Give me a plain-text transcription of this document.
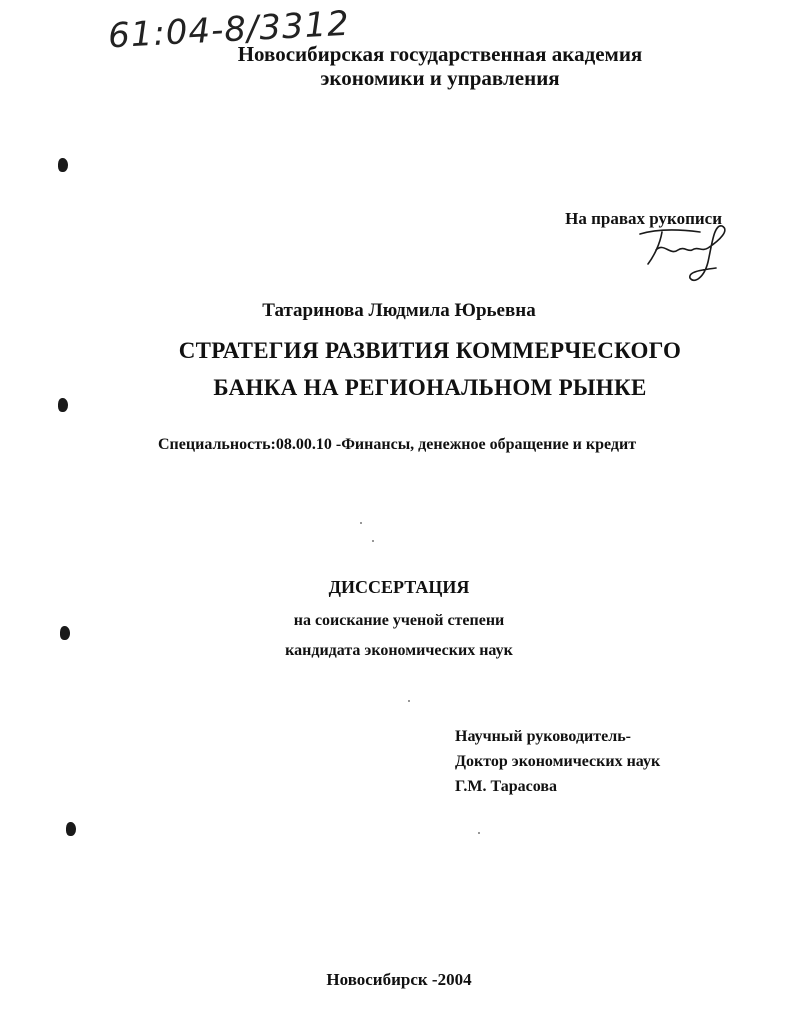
61:04-8/3312
Новосибирская государственная академия
экономики и управления
На правах рукописи
Татаринова Людмила Юрьевна
СТРАТЕГИЯ РАЗВИТИЯ КОММЕРЧЕСКОГО
БАНКА НА РЕГИОНАЛЬНОМ РЫНКЕ
Специальность:08.00.10 -Финансы, денежное обращение и кредит
ДИССЕРТАЦИЯ
на соискание ученой степени
кандидата экономических наук
Научный руководитель-
Доктор экономических наук
Г.М. Тарасова
Новосибирск -2004
